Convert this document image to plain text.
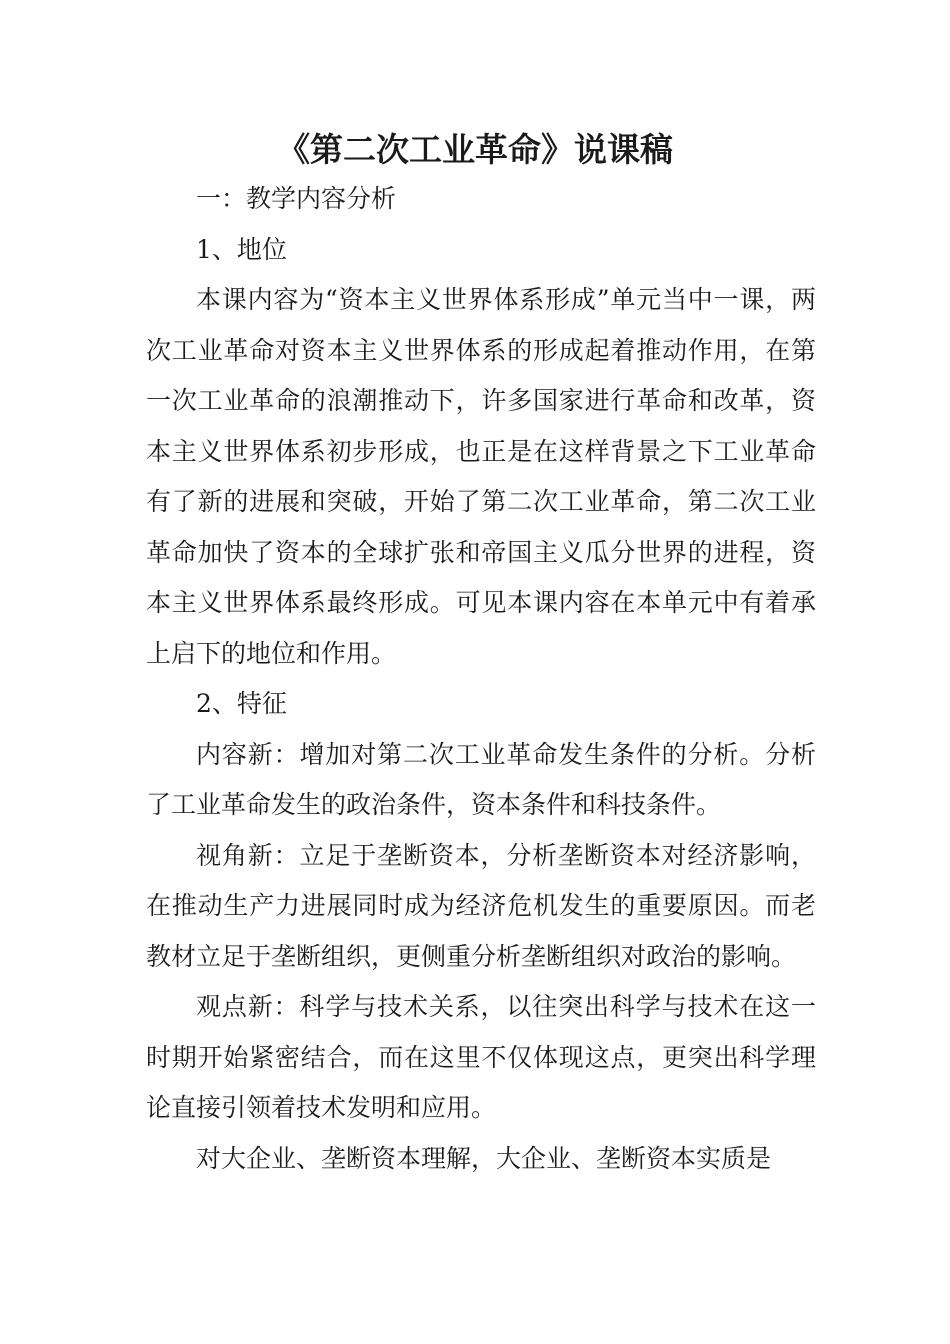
《第二次工业革命》说课稿

一：教学内容分析

1、地位

本课内容为“资本主义世界体系形成”单元当中一课，两次工业革命对资本主义世界体系的形成起着推动作用，在第一次工业革命的浪潮推动下，许多国家进行革命和改革，资本主义世界体系初步形成，也正是在这样背景之下工业革命有了新的进展和突破，开始了第二次工业革命，第二次工业革命加快了资本的全球扩张和帝国主义瓜分世界的进程，资本主义世界体系最终形成。可见本课内容在本单元中有着承上启下的地位和作用。

2、特征

内容新：增加对第二次工业革命发生条件的分析。分析了工业革命发生的政治条件，资本条件和科技条件。

视角新：立足于垄断资本，分析垄断资本对经济影响，在推动生产力进展同时成为经济危机发生的重要原因。而老教材立足于垄断组织，更侧重分析垄断组织对政治的影响。

观点新：科学与技术关系，以往突出科学与技术在这一时期开始紧密结合，而在这里不仅体现这点，更突出科学理论直接引领着技术发明和应用。

对大企业、垄断资本理解，大企业、垄断资本实质是
